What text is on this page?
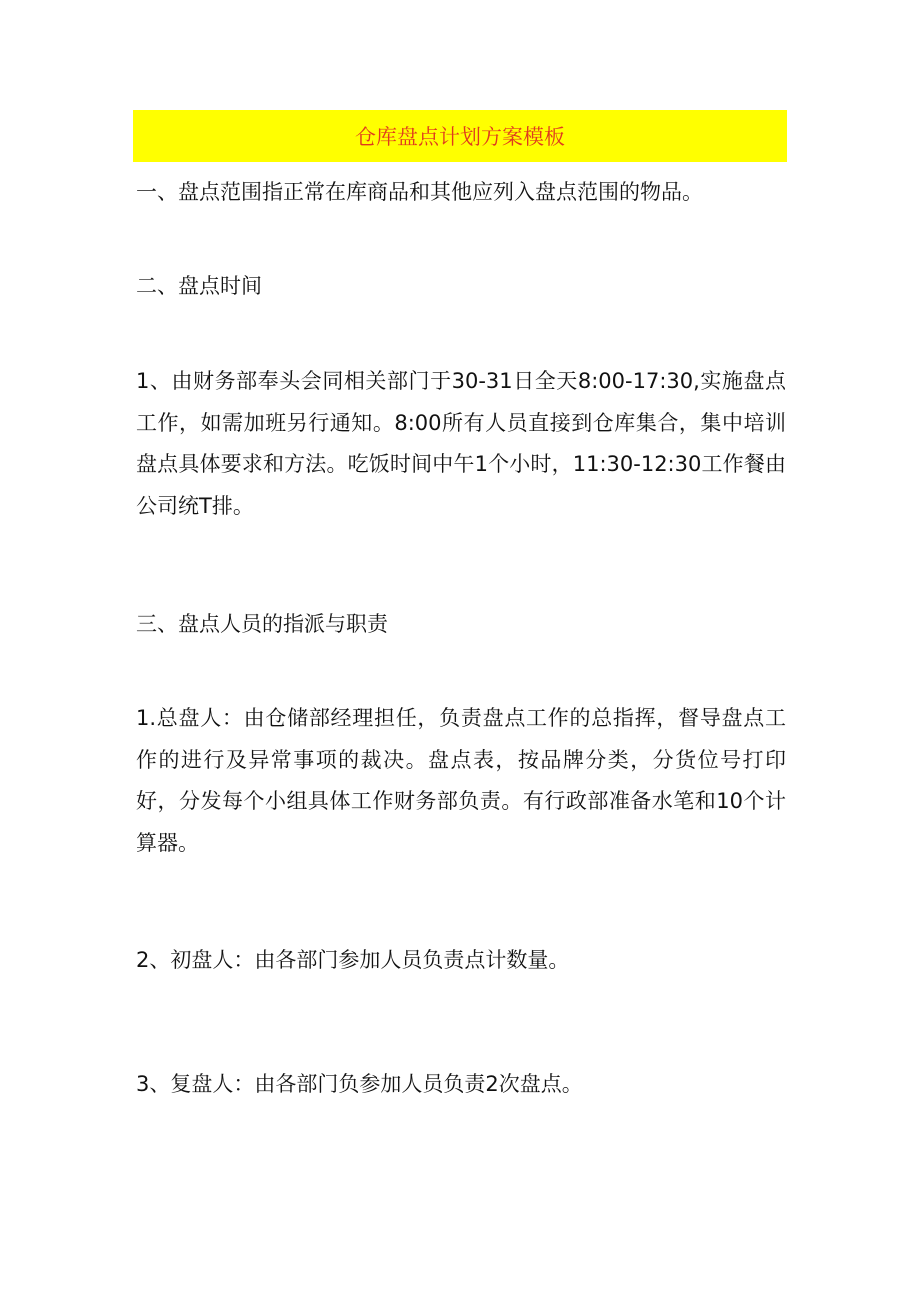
仓库盘点计划方案模板

一、盘点范围指正常在库商品和其他应列入盘点范围的物品。

二、盘点时间

1、由财务部奉头会同相关部门于30-31日全天8:00-17:30,实施盘点工作，如需加班另行通知。8:00所有人员直接到仓库集合，集中培训盘点具体要求和方法。吃饭时间中午1个小时，11:30-12:30工作餐由公司统T排。

三、盘点人员的指派与职责

1.总盘人：由仓储部经理担任，负责盘点工作的总指挥，督导盘点工作的进行及异常事项的裁决。盘点表，按品牌分类，分货位号打印好，分发每个小组具体工作财务部负责。有行政部准备水笔和10个计算器。

2、初盘人：由各部门参加人员负责点计数量。

3、复盘人：由各部门负参加人员负责2次盘点。
